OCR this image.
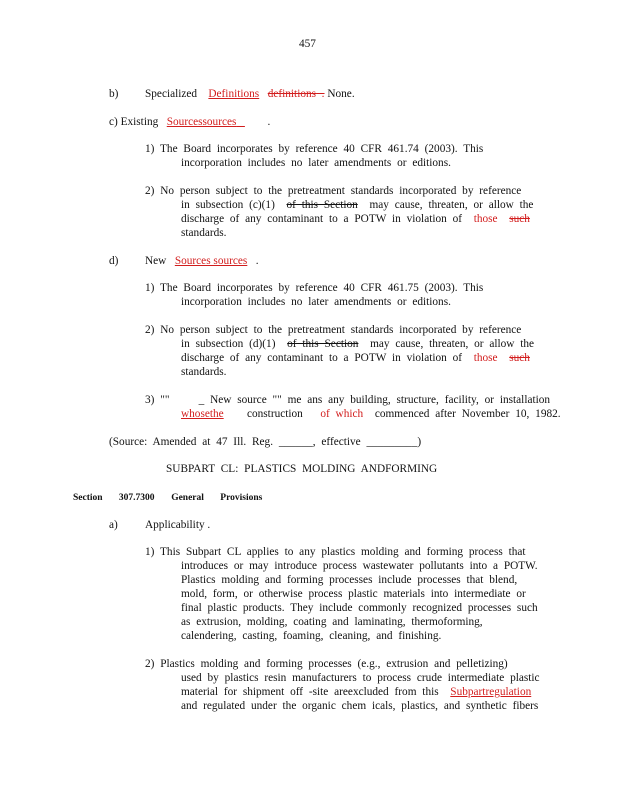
457
b) Specialized Definitions definitions  . None.
c) Existing Sourcessources           .
1) The Board incorporates by reference 40 CFR 461.74 (2003). This
incorporation includes no later amendments or editions.
2) No person subject to the pretreatment standards incorporated by reference
in subsection (c)(1) of this Section may cause, threaten, or allow the
discharge of any contaminant to a POTW in violation of those such
standards.
d) New Sources sources   .
1) The Board incorporates by reference 40 CFR 461.75 (2003). This
incorporation includes no later amendments or editions.
2) No person subject to the pretreatment standards incorporated by reference
in subsection (d)(1) of this Section may cause, threaten, or allow the
discharge of any contaminant to a POTW in violation of those such
standards.
3) ""	_ New source "" me ans any building, structure, facility, or installation
whosethe construction of which commenced after November 10, 1982.
(Source: Amended at 47 Ill. Reg. ______, effective _________)
SUBPART CL: PLASTICS MOLDING ANDFORMING
Section 307.7300 General Provisions
a) Applicability .
1) This Subpart CL applies to any plastics molding and forming process that
introduces or may introduce process wastewater pollutants into a POTW.
Plastics molding and forming processes include processes that blend,
mold, form, or otherwise process plastic materials into intermediate or
final plastic products. They include commonly recognized processes such
as extrusion, molding, coating and laminating, thermoforming,
calendering, casting, foaming, cleaning, and finishing.
2) Plastics molding and forming processes (e.g., extrusion and pelletizing)
used by plastics resin manufacturers to process crude intermediate plastic
material for shipment off -site areexcluded from this Subpartregulation
and regulated under the organic chem icals, plastics, and synthetic fibers
